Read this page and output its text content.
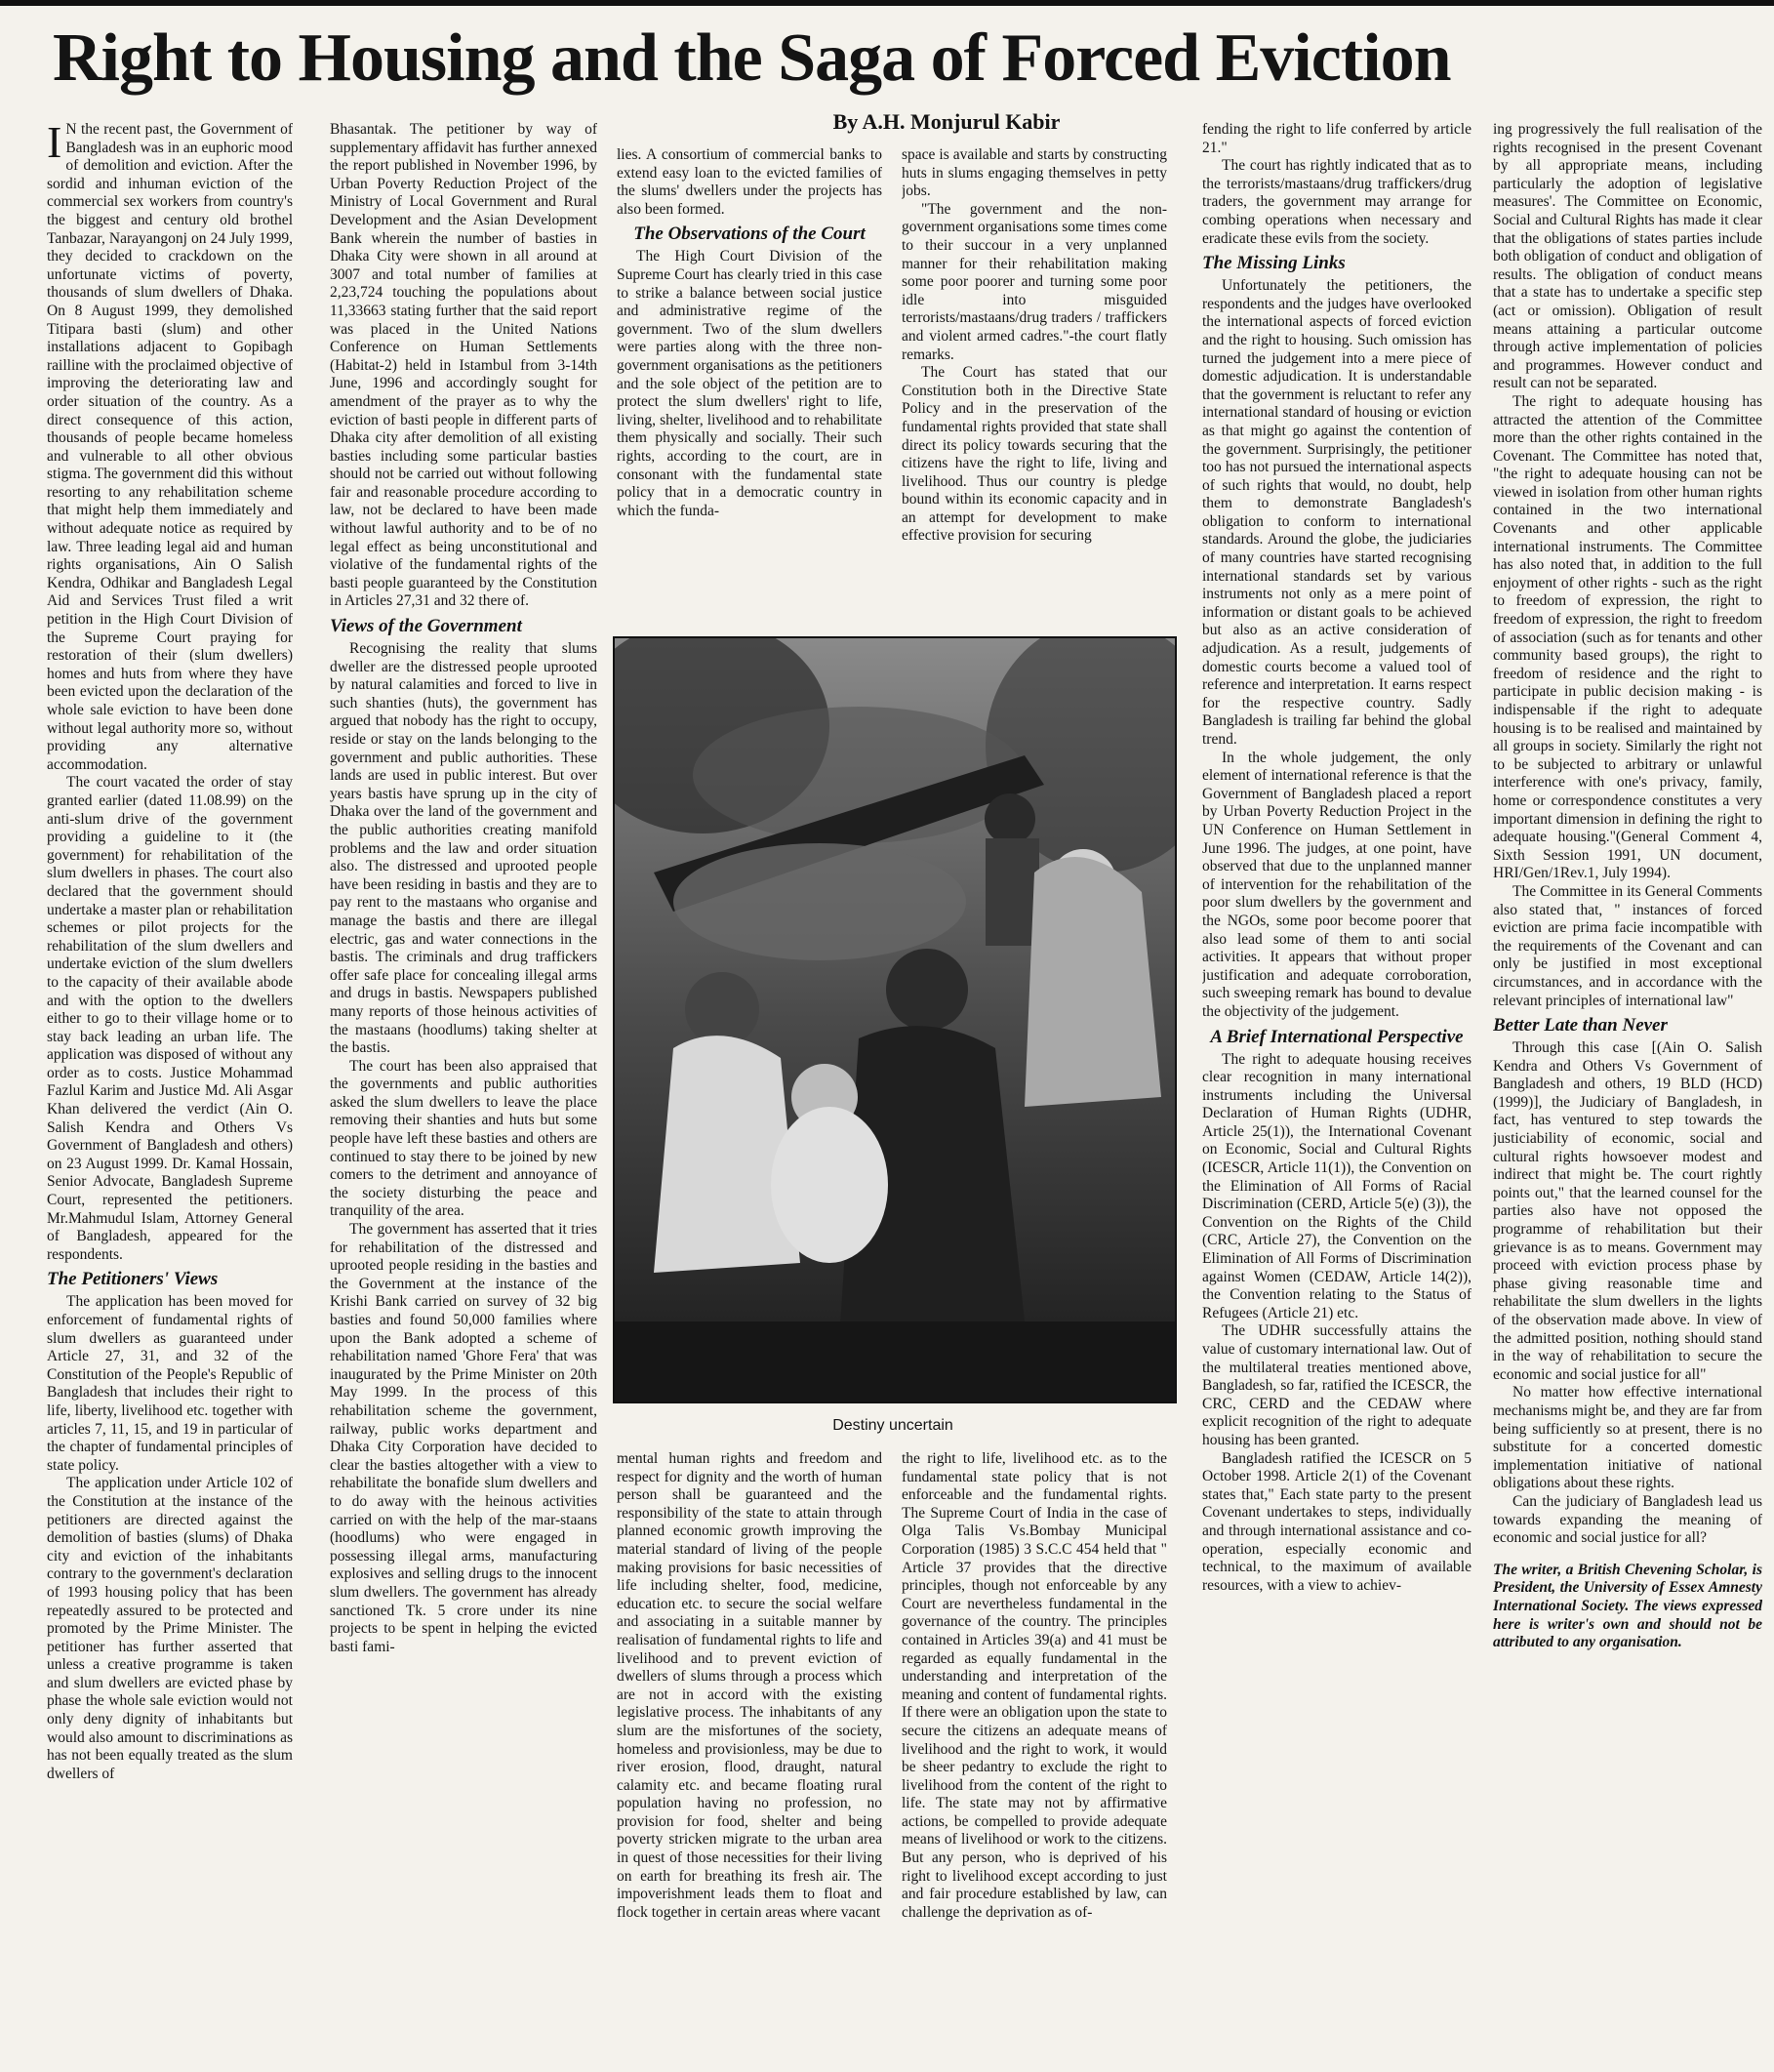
Right to Housing and the Saga of Forced Eviction
By A.H. Monjurul Kabir

I N the recent past, the Government of Bangladesh was in an euphoric mood of demolition and eviction. After the sordid and inhuman eviction of the commercial sex workers from country's the biggest and century old brothel Tanbazar, Narayangonj on 24 July 1999, they decided to crackdown on the unfortunate victims of poverty, thousands of slum dwellers of Dhaka. On 8 August 1999, they demolished Titipara basti (slum) and other installations adjacent to Gopibagh railline with the proclaimed objective of improving the deteriorating law and order situation of the country. As a direct consequence of this action, thousands of people became homeless and vulnerable to all other obvious stigma. The government did this without resorting to any rehabilitation scheme that might help them immediately and without adequate notice as required by law. Three leading legal aid and human rights organisations, Ain O Salish Kendra, Odhikar and Bangladesh Legal Aid and Services Trust filed a writ petition in the High Court Division of the Supreme Court praying for restoration of their (slum dwellers) homes and huts from where they have been evicted upon the declaration of the whole sale eviction to have been done without legal authority more so, without providing any alternative accommodation.

The court vacated the order of stay granted earlier (dated 11.08.99) on the anti-slum drive of the government providing a guideline to it (the government) for rehabilitation of the slum dwellers in phases. The court also declared that the government should undertake a master plan or rehabilitation schemes or pilot projects for the rehabilitation of the slum dwellers and undertake eviction of the slum dwellers to the capacity of their available abode and with the option to the dwellers either to go to their village home or to stay back leading an urban life. The application was disposed of without any order as to costs. Justice Mohammad Fazlul Karim and Justice Md. Ali Asgar Khan delivered the verdict (Ain O. Salish Kendra and Others Vs Government of Bangladesh and others) on 23 August 1999. Dr. Kamal Hossain, Senior Advocate, Bangladesh Supreme Court, represented the petitioners. Mr.Mahmudul Islam, Attorney General of Bangladesh, appeared for the respondents.

The Petitioners' Views

The application has been moved for enforcement of fundamental rights of slum dwellers as guaranteed under Article 27, 31, and 32 of the Constitution of the People's Republic of Bangladesh that includes their right to life, liberty, livelihood etc. together with articles 7, 11, 15, and 19 in particular of the chapter of fundamental principles of state policy.

The application under Article 102 of the Constitution at the instance of the petitioners are directed against the demolition of basties (slums) of Dhaka city and eviction of the inhabitants contrary to the government's declaration of 1993 housing policy that has been repeatedly assured to be protected and promoted by the Prime Minister. The petitioner has further asserted that unless a creative programme is taken and slum dwellers are evicted phase by phase the whole sale eviction would not only deny dignity of inhabitants but would also amount to discriminations as has not been equally treated as the slum dwellers of

Bhasantak. The petitioner by way of supplementary affidavit has further annexed the report published in November 1996, by Urban Poverty Reduction Project of the Ministry of Local Government and Rural Development and the Asian Development Bank wherein the number of basties in Dhaka City were shown in all around at 3007 and total number of families at 2,23,724 touching the populations about 11,33663 stating further that the said report was placed in the United Nations Conference on Human Settlements (Habitat-2) held in Istambul from 3-14th June, 1996 and accordingly sought for amendment of the prayer as to why the eviction of basti people in different parts of Dhaka city after demolition of all existing basties including some particular basties should not be carried out without following fair and reasonable procedure according to law, not be declared to have been made without lawful authority and to be of no legal effect as being unconstitutional and violative of the fundamental rights of the basti people guaranteed by the Constitution in Articles 27,31 and 32 there of.

Views of the Government

Recognising the reality that slums dweller are the distressed people uprooted by natural calamities and forced to live in such shanties (huts), the government has argued that nobody has the right to occupy, reside or stay on the lands belonging to the government and public authorities. These lands are used in public interest. But over years bastis have sprung up in the city of Dhaka over the land of the government and the public authorities creating manifold problems and the law and order situation also. The distressed and uprooted people have been residing in bastis and they are to pay rent to the mastaans who organise and manage the bastis and there are illegal electric, gas and water connections in the bastis. The criminals and drug traffickers offer safe place for concealing illegal arms and drugs in bastis. Newspapers published many reports of those heinous activities of the mastaans (hoodlums) taking shelter at the bastis.

The court has been also appraised that the governments and public authorities asked the slum dwellers to leave the place removing their shanties and huts but some people have left these basties and others are continued to stay there to be joined by new comers to the detriment and annoyance of the society disturbing the peace and tranquility of the area.

The government has asserted that it tries for rehabilitation of the distressed and uprooted people residing in the basties and the Government at the instance of the Krishi Bank carried on survey of 32 big basties and found 50,000 families where upon the Bank adopted a scheme of rehabilitation named 'Ghore Fera' that was inaugurated by the Prime Minister on 20th May 1999. In the process of this rehabilitation scheme the government, railway, public works department and Dhaka City Corporation have decided to clear the basties altogether with a view to rehabilitate the bonafide slum dwellers and to do away with the heinous activities carried on with the help of the mar-staans (hoodlums) who were engaged in possessing illegal arms, manufacturing explosives and selling drugs to the innocent slum dwellers. The government has already sanctioned Tk. 5 crore under its nine projects to be spent in helping the evicted basti fami-

lies. A consortium of commercial banks to extend easy loan to the evicted families of the slums' dwellers under the projects has also been formed.

The Observations of the Court

The High Court Division of the Supreme Court has clearly tried in this case to strike a balance between social justice and administrative regime of the government. Two of the slum dwellers were parties along with the three non-government organisations as the petitioners and the sole object of the petition are to protect the slum dwellers' right to life, living, shelter, livelihood and to rehabilitate them physically and socially. Their such rights, according to the court, are in consonant with the fundamental state policy that in a democratic country in which the funda-

space is available and starts by constructing huts in slums engaging themselves in petty jobs.

"The government and the non-government organisations some times come to their succour in a very unplanned manner for their rehabilitation making some poor poorer and turning some poor idle into misguided terrorists/mastaans/drug traders / traffickers and violent armed cadres."-the court flatly remarks.

The Court has stated that our Constitution both in the Directive State Policy and in the preservation of the fundamental rights provided that state shall direct its policy towards securing that the citizens have the right to life, living and livelihood. Thus our country is pledge bound within its economic capacity and in an attempt for development to make effective provision for securing

Destiny uncertain

mental human rights and freedom and respect for dignity and the worth of human person shall be guaranteed and the responsibility of the state to attain through planned economic growth improving the material standard of living of the people making provisions for basic necessities of life including shelter, food, medicine, education etc. to secure the social welfare and associating in a suitable manner by realisation of fundamental rights to life and livelihood and to prevent eviction of dwellers of slums through a process which are not in accord with the existing legislative process. The inhabitants of any slum are the misfortunes of the society, homeless and provisionless, may be due to river erosion, flood, draught, natural calamity etc. and became floating rural population having no profession, no provision for food, shelter and being poverty stricken migrate to the urban area in quest of those necessities for their living on earth for breathing its fresh air. The impoverishment leads them to float and flock together in certain areas where vacant

the right to life, livelihood etc. as to the fundamental state policy that is not enforceable and the fundamental rights. The Supreme Court of India in the case of Olga Talis Vs.Bombay Municipal Corporation (1985) 3 S.C.C 454 held that " Article 37 provides that the directive principles, though not enforceable by any Court are nevertheless fundamental in the governance of the country. The principles contained in Articles 39(a) and 41 must be regarded as equally fundamental in the understanding and interpretation of the meaning and content of fundamental rights. If there were an obligation upon the state to secure the citizens an adequate means of livelihood and the right to work, it would be sheer pedantry to exclude the right to livelihood from the content of the right to life. The state may not by affirmative actions, be compelled to provide adequate means of livelihood or work to the citizens. But any person, who is deprived of his right to livelihood except according to just and fair procedure established by law, can challenge the deprivation as of-

fending the right to life conferred by article 21."

The court has rightly indicated that as to the terrorists/mastaans/drug traffickers/drug traders, the government may arrange for combing operations when necessary and eradicate these evils from the society.

The Missing Links

Unfortunately the petitioners, the respondents and the judges have overlooked the international aspects of forced eviction and the right to housing. Such omission has turned the judgement into a mere piece of domestic adjudication. It is understandable that the government is reluctant to refer any international standard of housing or eviction as that might go against the contention of the government. Surprisingly, the petitioner too has not pursued the international aspects of such rights that would, no doubt, help them to demonstrate Bangladesh's obligation to conform to international standards. Around the globe, the judiciaries of many countries have started recognising international standards set by various instruments not only as a mere point of information or distant goals to be achieved but also as an active consideration of adjudication. As a result, judgements of domestic courts become a valued tool of reference and interpretation. It earns respect for the respective country. Sadly Bangladesh is trailing far behind the global trend.

In the whole judgement, the only element of international reference is that the Government of Bangladesh placed a report by Urban Poverty Reduction Project in the UN Conference on Human Settlement in June 1996. The judges, at one point, have observed that due to the unplanned manner of intervention for the rehabilitation of the poor slum dwellers by the government and the NGOs, some poor become poorer that also lead some of them to anti social activities. It appears that without proper justification and adequate corroboration, such sweeping remark has bound to devalue the objectivity of the judgement.

A Brief International Perspective

The right to adequate housing receives clear recognition in many international instruments including the Universal Declaration of Human Rights (UDHR, Article 25(1)), the International Covenant on Economic, Social and Cultural Rights (ICESCR, Article 11(1)), the Convention on the Elimination of All Forms of Racial Discrimination (CERD, Article 5(e) (3)), the Convention on the Rights of the Child (CRC, Article 27), the Convention on the Elimination of All Forms of Discrimination against Women (CEDAW, Article 14(2)), the Convention relating to the Status of Refugees (Article 21) etc.

The UDHR successfully attains the value of customary international law. Out of the multilateral treaties mentioned above, Bangladesh, so far, ratified the ICESCR, the CRC, CERD and the CEDAW where explicit recognition of the right to adequate housing has been granted.

Bangladesh ratified the ICESCR on 5 October 1998. Article 2(1) of the Covenant states that," Each state party to the present Covenant undertakes to steps, individually and through international assistance and co-operation, especially economic and technical, to the maximum of available resources, with a view to achiev-

ing progressively the full realisation of the rights recognised in the present Covenant by all appropriate means, including particularly the adoption of legislative measures'. The Committee on Economic, Social and Cultural Rights has made it clear that the obligations of states parties include both obligation of conduct and obligation of results. The obligation of conduct means that a state has to undertake a specific step (act or omission). Obligation of result means attaining a particular outcome through active implementation of policies and programmes. However conduct and result can not be separated.

The right to adequate housing has attracted the attention of the Committee more than the other rights contained in the Covenant. The Committee has noted that, "the right to adequate housing can not be viewed in isolation from other human rights contained in the two international Covenants and other applicable international instruments. The Committee has also noted that, in addition to the full enjoyment of other rights - such as the right to freedom of expression, the right to freedom of expression, the right to freedom of association (such as for tenants and other community based groups), the right to freedom of residence and the right to participate in public decision making - is indispensable if the right to adequate housing is to be realised and maintained by all groups in society. Similarly the right not to be subjected to arbitrary or unlawful interference with one's privacy, family, home or correspondence constitutes a very important dimension in defining the right to adequate housing."(General Comment 4, Sixth Session 1991, UN document, HRI/Gen/1Rev.1, July 1994).

The Committee in its General Comments also stated that, " instances of forced eviction are prima facie incompatible with the requirements of the Covenant and can only be justified in most exceptional circumstances, and in accordance with the relevant principles of international law"

Better Late than Never

Through this case [(Ain O. Salish Kendra and Others Vs Government of Bangladesh and others, 19 BLD (HCD)(1999)], the Judiciary of Bangladesh, in fact, has ventured to step towards the justiciability of economic, social and cultural rights howsoever modest and indirect that might be. The court rightly points out," that the learned counsel for the parties also have not opposed the programme of rehabilitation but their grievance is as to means. Government may proceed with eviction process phase by phase giving reasonable time and rehabilitate the slum dwellers in the lights of the observation made above. In view of the admitted position, nothing should stand in the way of rehabilitation to secure the economic and social justice for all"

No matter how effective international mechanisms might be, and they are far from being sufficiently so at present, there is no substitute for a concerted domestic implementation initiative of national obligations about these rights.

Can the judiciary of Bangladesh lead us towards expanding the meaning of economic and social justice for all?

The writer, a British Chevening Scholar, is President, the University of Essex Amnesty International Society. The views expressed here is writer's own and should not be attributed to any organisation.
